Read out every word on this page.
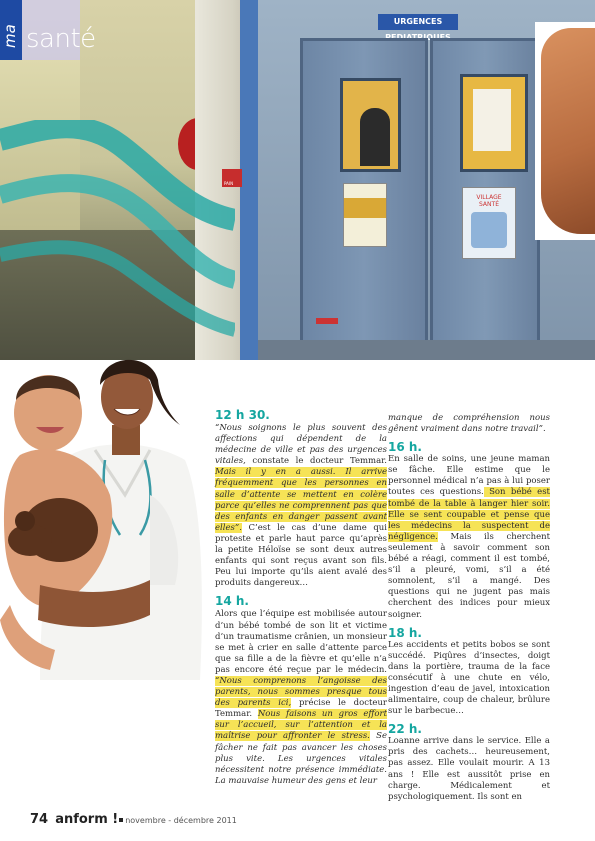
PAIN
URGENCES
VILLAGE SANTÉ
ma santé

12 h 30.

“Nous soignons le plus souvent des affections qui dépendent de la médecine de ville et pas des urgences vitales, constate le docteur Temmar. Mais il y en a aussi. Il arrive fréquemment que les personnes en salle d’attente se mettent en colère parce qu’elles ne comprennent pas que des enfants en danger passent avant elles”. C’est le cas d’une dame qui proteste et parle haut parce qu’après la petite Héloïse se sont deux autres enfants qui sont reçus avant son fils. Peu lui importe qu’ils aient avalé des produits dangereux…

14 h.

Alors que l’équipe est mobilisée autour d’un bébé tombé de son lit et victime d’un traumatisme crânien, un monsieur se met à crier en salle d’attente parce que sa fille a de la fièvre et qu’elle n’a pas encore été reçue par le médecin. “Nous comprenons l’angoisse des parents, nous sommes presque tous des parents ici, précise le docteur Temmar. Nous faisons un gros effort sur l’accueil, sur l’attention et la maîtrise pour affronter le stress. Se fâcher ne fait pas avancer les choses plus vite. Les urgences vitales nécessitent notre présence immédiate. La mauvaise humeur des gens et leur

manque de compréhension nous gênent vraiment dans notre travail”.

16 h.

En salle de soins, une jeune maman se fâche. Elle estime que le personnel médical n’a pas à lui poser toutes ces questions. Son bébé est tombé de la table à langer hier soir. Elle se sent coupable et pense que les médecins la suspectent de négligence. Mais ils cherchent seulement à savoir comment son bébé a réagi, comment il est tombé, s’il a pleuré, vomi, s’il a été somnolent, s’il a mangé. Des questions qui ne jugent pas mais cherchent des indices pour mieux soigner.

18 h.

Les accidents et petits bobos se sont succédé. Piqûres d’insectes, doigt dans la portière, trauma de la face consécutif à une chute en vélo, ingestion d’eau de javel, intoxication alimentaire, coup de chaleur, brûlure sur le barbecue…

22 h.

Loanne arrive dans le service. Elle a pris des cachets… heureusement, pas assez. Elle voulait mourir. A 13 ans ! Elle est aussitôt prise en charge. Médicalement et psychologiquement. Ils sont en

74 anform ! novembre - décembre 2011
